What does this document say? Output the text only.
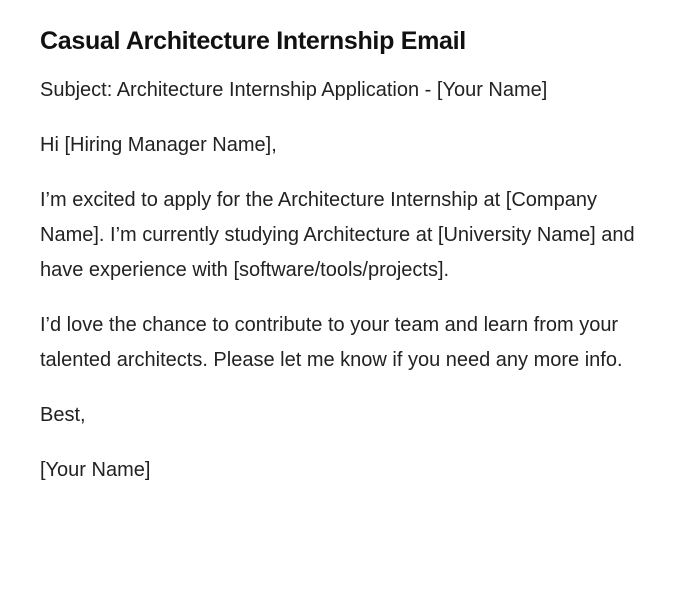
Casual Architecture Internship Email

Subject: Architecture Internship Application - [Your Name]

Hi [Hiring Manager Name],

I’m excited to apply for the Architecture Internship at [Company Name]. I’m currently studying Architecture at [University Name] and have experience with [software/tools/projects].

I’d love the chance to contribute to your team and learn from your talented architects. Please let me know if you need any more info.

Best,

[Your Name]
